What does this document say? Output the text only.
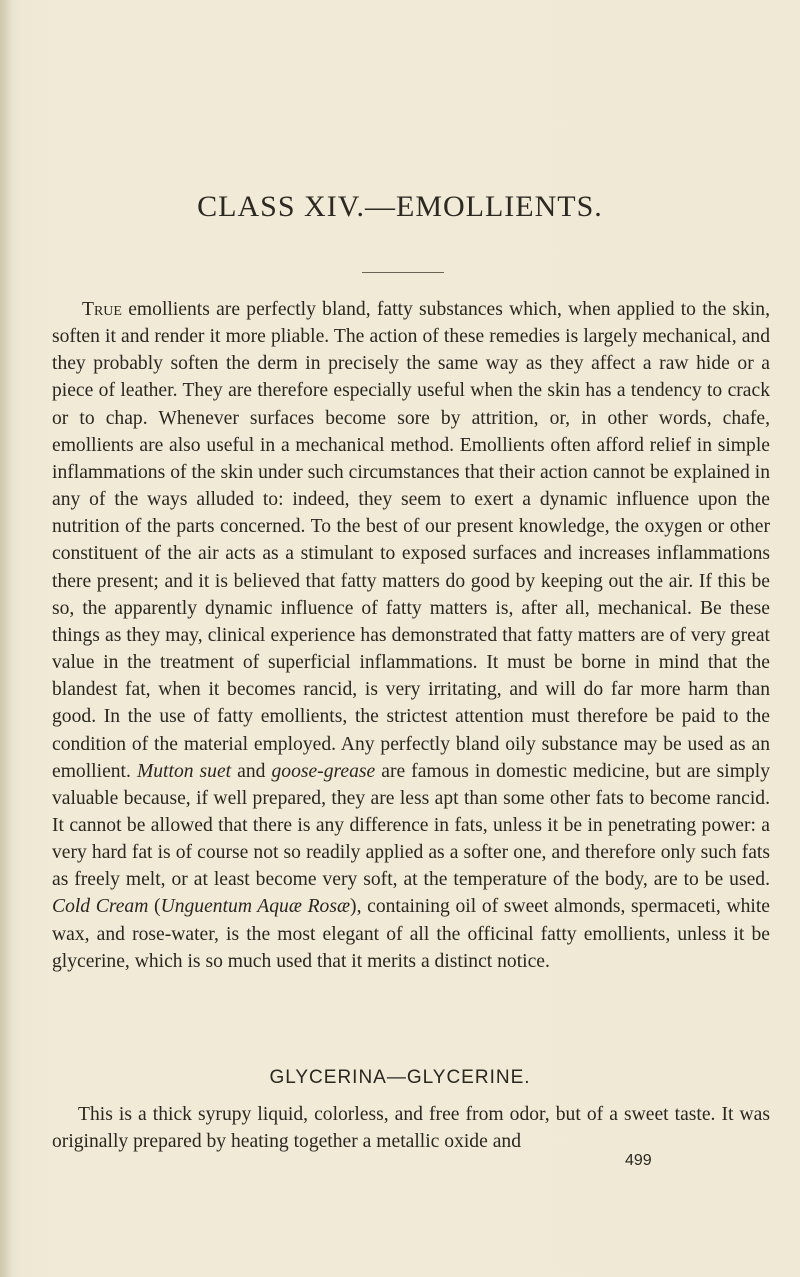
CLASS XIV.—EMOLLIENTS.

True emollients are perfectly bland, fatty substances which, when applied to the skin, soften it and render it more pliable. The action of these remedies is largely mechanical, and they probably soften the derm in precisely the same way as they affect a raw hide or a piece of leather. They are therefore especially useful when the skin has a tendency to crack or to chap. Whenever surfaces become sore by attrition, or, in other words, chafe, emollients are also useful in a mechanical method. Emollients often afford relief in simple inflammations of the skin under such circumstances that their action cannot be explained in any of the ways alluded to: indeed, they seem to exert a dynamic influence upon the nutrition of the parts concerned. To the best of our present knowledge, the oxygen or other constituent of the air acts as a stimulant to exposed surfaces and increases inflammations there present; and it is believed that fatty matters do good by keeping out the air. If this be so, the apparently dynamic influence of fatty matters is, after all, mechanical. Be these things as they may, clinical experience has demonstrated that fatty matters are of very great value in the treatment of superficial inflammations. It must be borne in mind that the blandest fat, when it becomes rancid, is very irritating, and will do far more harm than good. In the use of fatty emollients, the strictest attention must therefore be paid to the condition of the material employed. Any perfectly bland oily substance may be used as an emollient. Mutton suet and goose-grease are famous in domestic medicine, but are simply valuable because, if well prepared, they are less apt than some other fats to become rancid. It cannot be allowed that there is any difference in fats, unless it be in penetrating power: a very hard fat is of course not so readily applied as a softer one, and therefore only such fats as freely melt, or at least become very soft, at the temperature of the body, are to be used. Cold Cream (Unguentum Aquæ Rosæ), containing oil of sweet almonds, spermaceti, white wax, and rose-water, is the most elegant of all the officinal fatty emollients, unless it be glycerine, which is so much used that it merits a distinct notice.

GLYCERINA—GLYCERINE.

This is a thick syrupy liquid, colorless, and free from odor, but of a sweet taste. It was originally prepared by heating together a metallic oxide and

499
